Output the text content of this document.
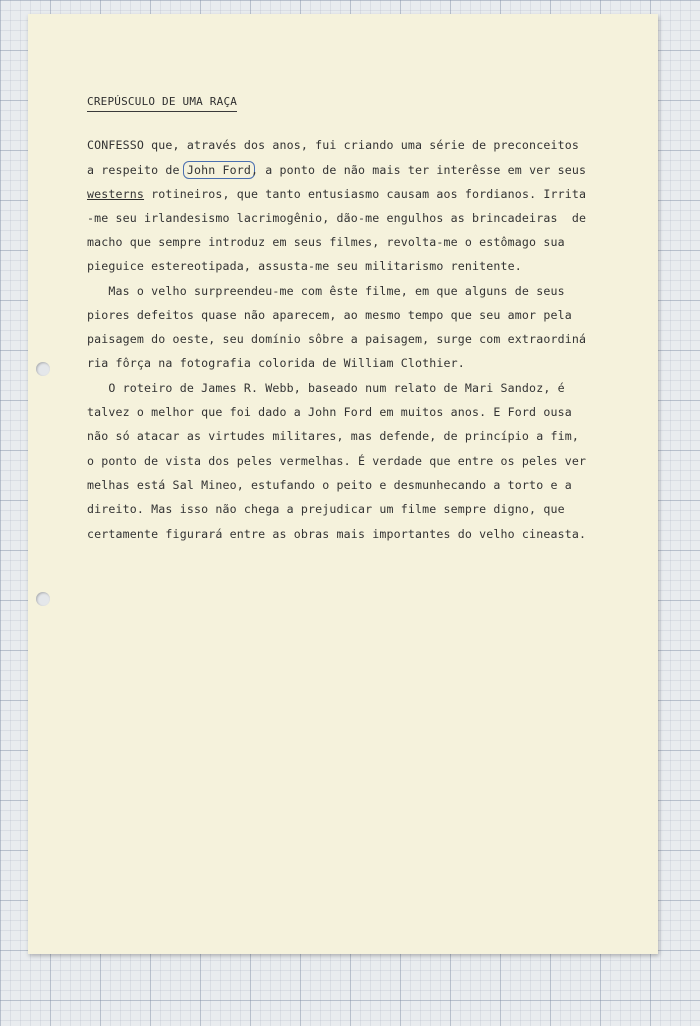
CREPÚSCULO DE UMA RAÇA
CONFESSO que, através dos anos, fui criando uma série de preconceitos
a respeito de John Ford, a ponto de não mais ter interêsse em ver seus
westerns rotineiros, que tanto entusiasmo causam aos fordianos. Irrita
-me seu irlandesismo lacrimogênio, dão-me engulhos as brincadeiras  de
macho que sempre introduz em seus filmes, revolta-me o estômago sua
pieguice estereotipada, assusta-me seu militarismo renitente.
Mas o velho surpreendeu-me com êste filme, em que alguns de seus
piores defeitos quase não aparecem, ao mesmo tempo que seu amor pela
paisagem do oeste, seu domínio sôbre a paisagem, surge com extraordiná
ria fôrça na fotografia colorida de William Clothier.
O roteiro de James R. Webb, baseado num relato de Mari Sandoz, é
talvez o melhor que foi dado a John Ford em muitos anos. E Ford ousa
não só atacar as virtudes militares, mas defende, de princípio a fim,
o ponto de vista dos peles vermelhas. É verdade que entre os peles ver
melhas está Sal Mineo, estufando o peito e desmunhecando a torto e a
direito. Mas isso não chega a prejudicar um filme sempre digno, que
certamente figurará entre as obras mais importantes do velho cineasta.
